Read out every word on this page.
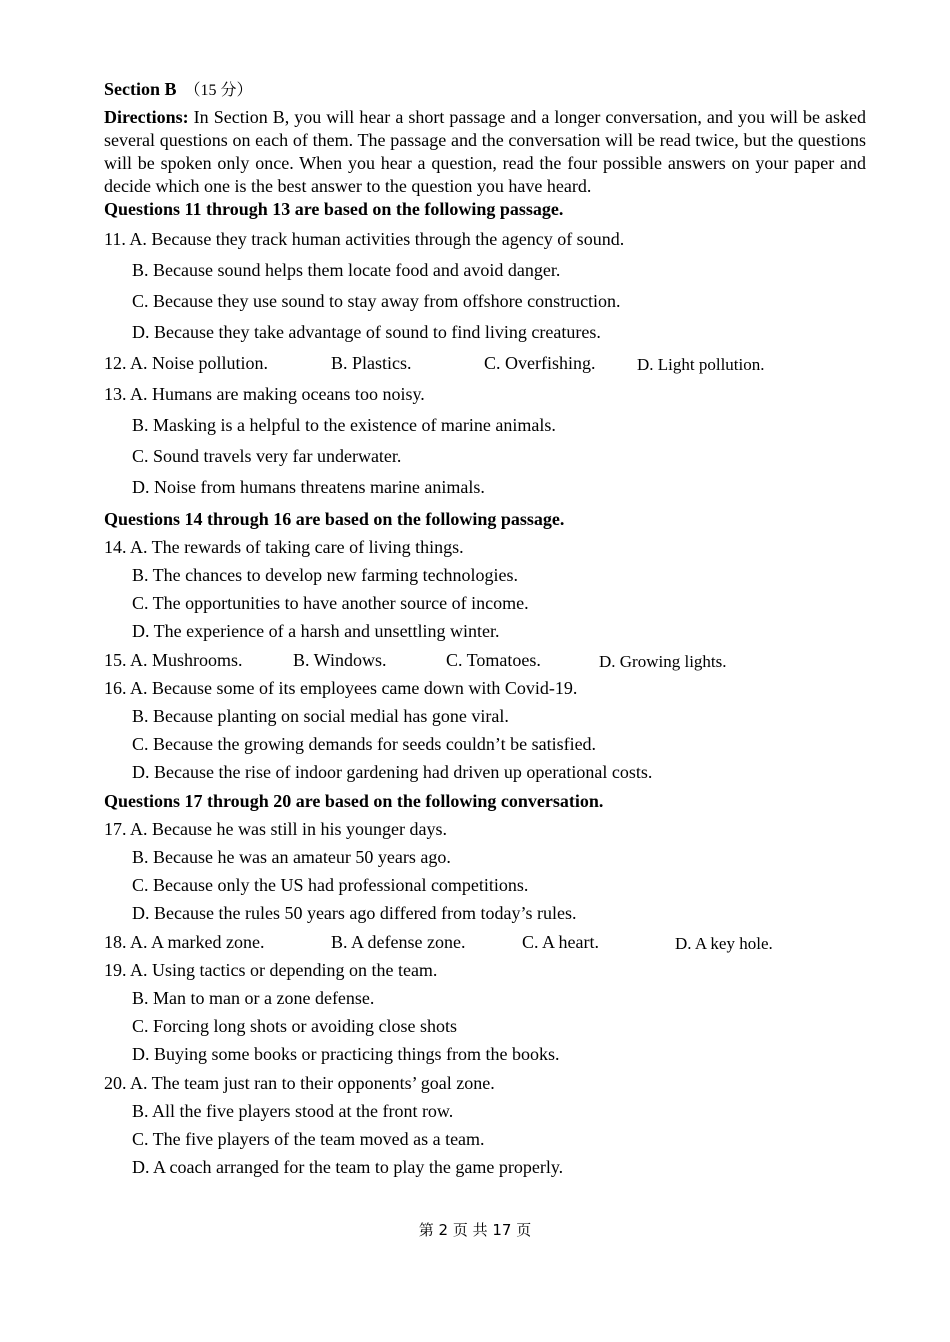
Section B （15 分）
Directions: In Section B, you will hear a short passage and a longer conversation, and you will be asked several questions on each of them. The passage and the conversation will be read twice, but the questions will be spoken only once. When you hear a question, read the four possible answers on your paper and decide which one is the best answer to the question you have heard.
Questions 11 through 13 are based on the following passage.
11. A. Because they track human activities through the agency of sound.
B. Because sound helps them locate food and avoid danger.
C. Because they use sound to stay away from offshore construction.
D. Because they take advantage of sound to find living creatures.
12. A. Noise pollution.	B. Plastics.	C. Overfishing. D. Light pollution.
13. A. Humans are making oceans too noisy.
B. Masking is a helpful to the existence of marine animals.
C. Sound travels very far underwater.
D. Noise from humans threatens marine animals.
Questions 14 through 16 are based on the following passage.
14. A. The rewards of taking care of living things.
B. The chances to develop new farming technologies.
C. The opportunities to have another source of income.
D. The experience of a harsh and unsettling winter.
15. A. Mushrooms.	B. Windows.	C. Tomatoes.	D. Growing lights.
16. A. Because some of its employees came down with Covid-19.
B. Because planting on social medial has gone viral.
C. Because the growing demands for seeds couldn’t be satisfied.
D. Because the rise of indoor gardening had driven up operational costs.
Questions 17 through 20 are based on the following conversation.
17. A. Because he was still in his younger days.
B. Because he was an amateur 50 years ago.
C. Because only the US had professional competitions.
D. Because the rules 50 years ago differed from today’s rules.
18. A. A marked zone.	B. A defense zone.	C. A heart.	D. A key hole.
19. A. Using tactics or depending on the team.
B. Man to man or a zone defense.
C. Forcing long shots or avoiding close shots
D. Buying some books or practicing things from the books.
20. A. The team just ran to their opponents’ goal zone.
B. All the five players stood at the front row.
C. The five players of the team moved as a team.
D. A coach arranged for the team to play the game properly.
第 2 页 共 17 页
